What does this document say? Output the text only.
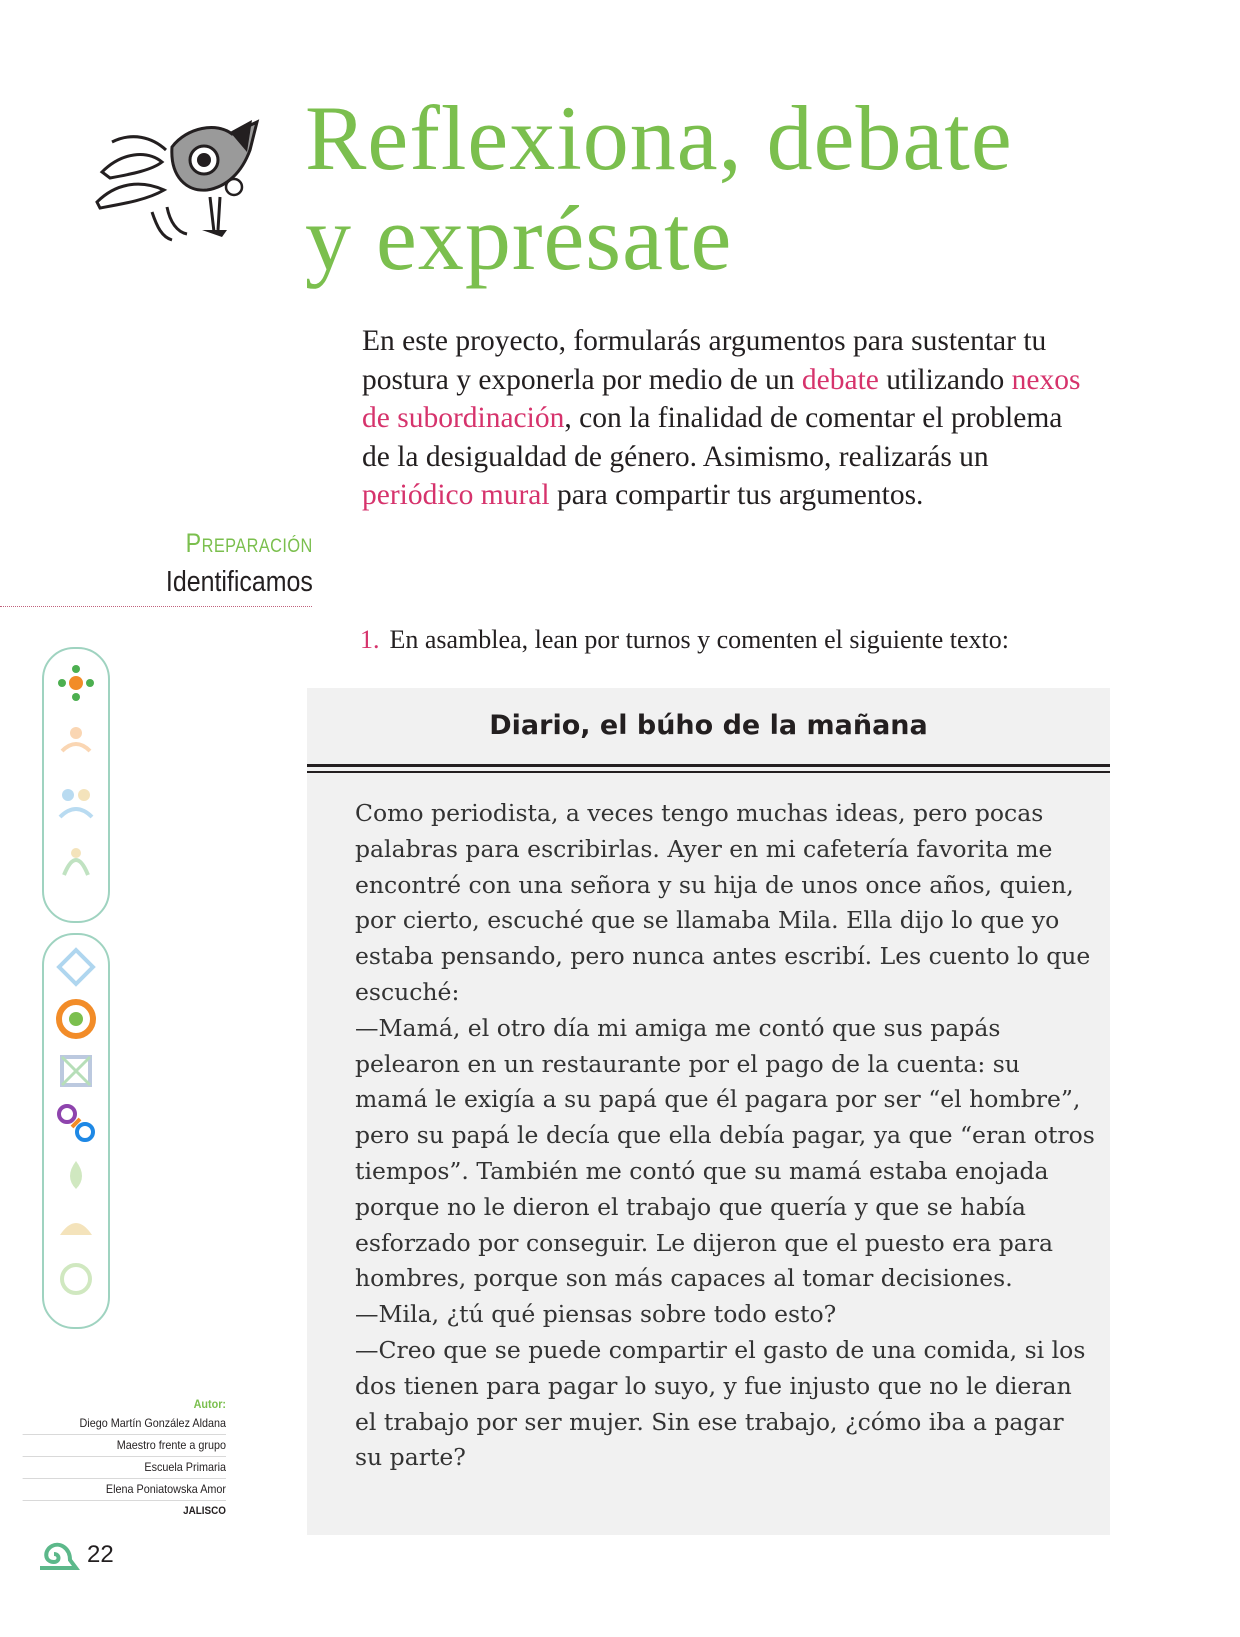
Reflexiona, debate
y exprésate

En este proyecto, formularás argumentos para sustentar tu postura y exponerla por medio de un debate utilizando nexos de subordinación, con la finalidad de comentar el problema de la desigualdad de género. Asimismo, realizarás un periódico mural para compartir tus argumentos.

Preparación

Identificamos

1. En asamblea, lean por turnos y comenten el siguiente texto:

Diario, el búho de la mañana

Como periodista, a veces tengo muchas ideas, pero pocas palabras para escribirlas. Ayer en mi cafetería favorita me encontré con una señora y su hija de unos once años, quien, por cierto, escuché que se llamaba Mila. Ella dijo lo que yo estaba pensando, pero nunca antes escribí. Les cuento lo que escuché:

—Mamá, el otro día mi amiga me contó que sus papás pelearon en un restaurante por el pago de la cuenta: su mamá le exigía a su papá que él pagara por ser “el hombre”, pero su papá le decía que ella debía pagar, ya que “eran otros tiempos”. También me contó que su mamá estaba enojada porque no le dieron el trabajo que quería y que se había esforzado por conseguir. Le dijeron que el puesto era para hombres, porque son más capaces al tomar decisiones.

—Mila, ¿tú qué piensas sobre todo esto?

—Creo que se puede compartir el gasto de una comida, si los dos tienen para pagar lo suyo, y fue injusto que no le dieran el trabajo por ser mujer. Sin ese trabajo, ¿cómo iba a pagar su parte?

Autor:
Diego Martín González Aldana
Maestro frente a grupo
Escuela Primaria
Elena Poniatowska Amor
JALISCO

22
